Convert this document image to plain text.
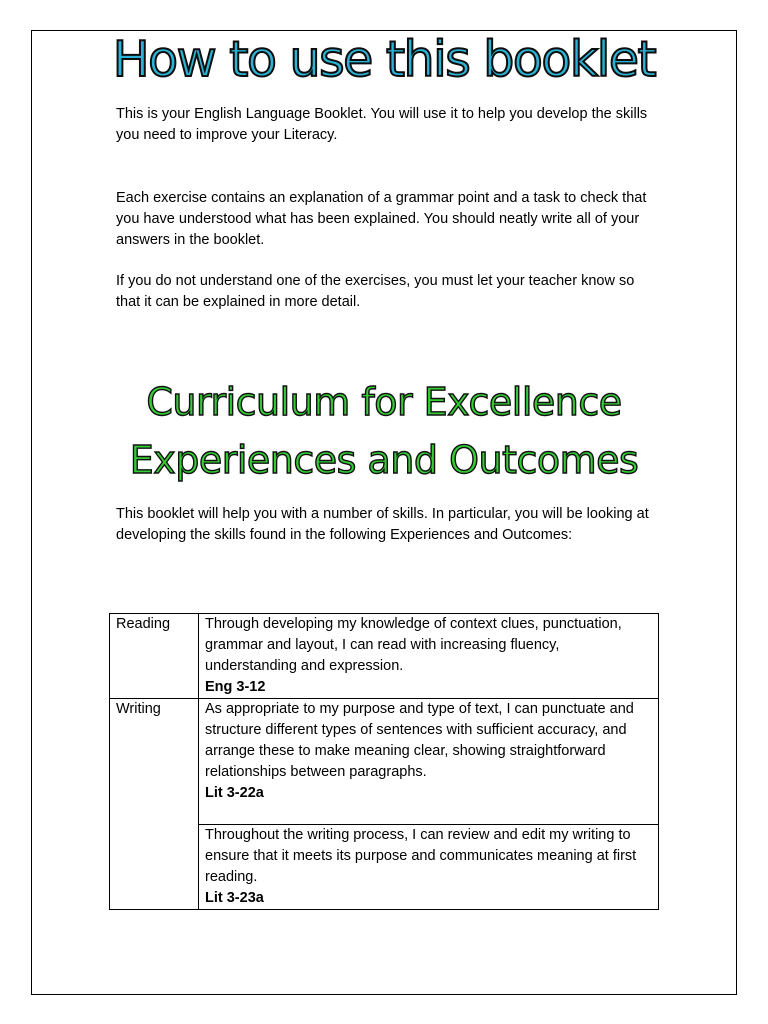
How to use this booklet

This is your English Language Booklet. You will use it to help you develop the skills you need to improve your Literacy.

Each exercise contains an explanation of a grammar point and a task to check that you have understood what has been explained. You should neatly write all of your answers in the booklet.

If you do not understand one of the exercises, you must let your teacher know so that it can be explained in more detail.

Curriculum for Excellence
Experiences and Outcomes

This booklet will help you with a number of skills. In particular, you will be looking at developing the skills found in the following Experiences and Outcomes:

Reading	Through developing my knowledge of context clues, punctuation, grammar and layout, I can read with increasing fluency, understanding and expression.
Eng 3-12

Writing	As appropriate to my purpose and type of text, I can punctuate and structure different types of sentences with sufficient accuracy, and arrange these to make meaning clear, showing straightforward relationships between paragraphs.
Lit 3-22a

	Throughout the writing process, I can review and edit my writing to ensure that it meets its purpose and communicates meaning at first reading.
Lit 3-23a
